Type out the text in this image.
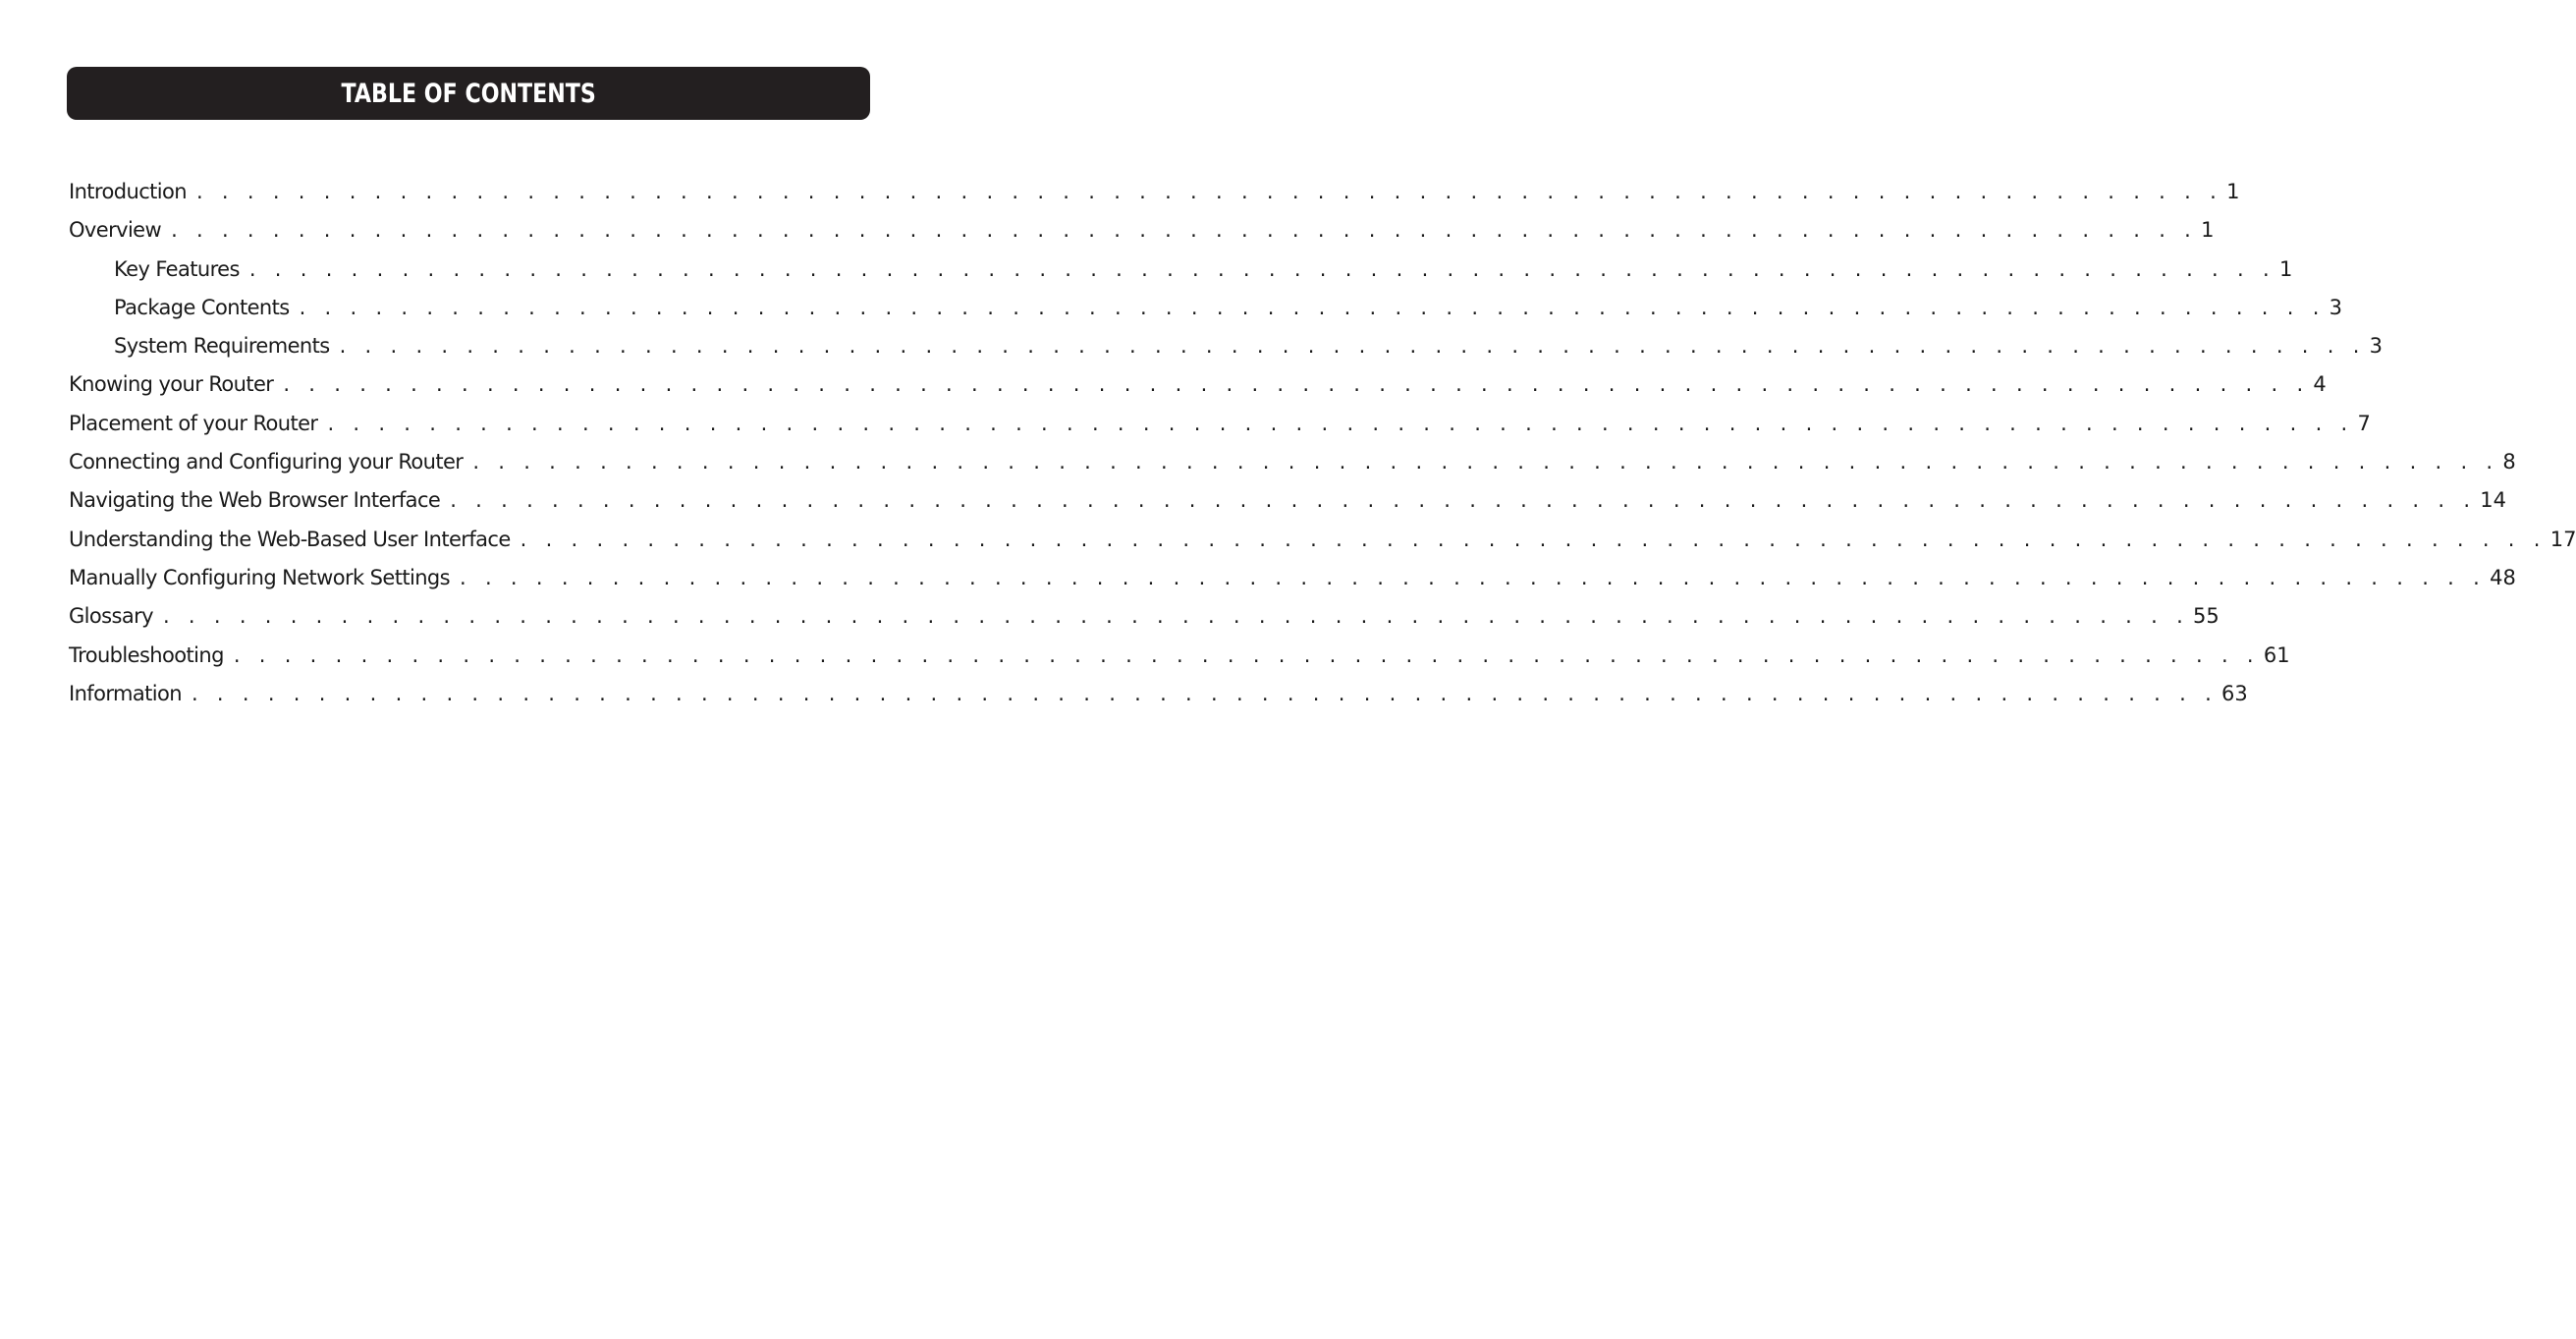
TABLE OF CONTENTS
Introduction . . . . . . . . . . . . . . . . . . . . . . . . . . . . . . . . . . . . . . . . . . . . . . . . . . . . . . . . . . . . . . . . . . . . . . . . . . . . . . . . 1
Overview . . . . . . . . . . . . . . . . . . . . . . . . . . . . . . . . . . . . . . . . . . . . . . . . . . . . . . . . . . . . . . . . . . . . . . . . . . . . . . . . 1
Key Features . . . . . . . . . . . . . . . . . . . . . . . . . . . . . . . . . . . . . . . . . . . . . . . . . . . . . . . . . . . . . . . . . . . . . . . . . . . . . . . . 1
Package Contents . . . . . . . . . . . . . . . . . . . . . . . . . . . . . . . . . . . . . . . . . . . . . . . . . . . . . . . . . . . . . . . . . . . . . . . . . . . . . . . . 3
System Requirements . . . . . . . . . . . . . . . . . . . . . . . . . . . . . . . . . . . . . . . . . . . . . . . . . . . . . . . . . . . . . . . . . . . . . . . . . . . . . . . . 3
Knowing your Router . . . . . . . . . . . . . . . . . . . . . . . . . . . . . . . . . . . . . . . . . . . . . . . . . . . . . . . . . . . . . . . . . . . . . . . . . . . . . . . . 4
Placement of your Router . . . . . . . . . . . . . . . . . . . . . . . . . . . . . . . . . . . . . . . . . . . . . . . . . . . . . . . . . . . . . . . . . . . . . . . . . . . . . . . . 7
Connecting and Configuring your Router . . . . . . . . . . . . . . . . . . . . . . . . . . . . . . . . . . . . . . . . . . . . . . . . . . . . . . . . . . . . . . . . . . . . . . . . . . . . . . . . 8
Navigating the Web Browser Interface . . . . . . . . . . . . . . . . . . . . . . . . . . . . . . . . . . . . . . . . . . . . . . . . . . . . . . . . . . . . . . . . . . . . . . . . . . . . . . . . 14
Understanding the Web-Based User Interface . . . . . . . . . . . . . . . . . . . . . . . . . . . . . . . . . . . . . . . . . . . . . . . . . . . . . . . . . . . . . . . . . . . . . . . . . . . . . . . . 17
Manually Configuring Network Settings . . . . . . . . . . . . . . . . . . . . . . . . . . . . . . . . . . . . . . . . . . . . . . . . . . . . . . . . . . . . . . . . . . . . . . . . . . . . . . . . 48
Glossary . . . . . . . . . . . . . . . . . . . . . . . . . . . . . . . . . . . . . . . . . . . . . . . . . . . . . . . . . . . . . . . . . . . . . . . . . . . . . . . . 55
Troubleshooting . . . . . . . . . . . . . . . . . . . . . . . . . . . . . . . . . . . . . . . . . . . . . . . . . . . . . . . . . . . . . . . . . . . . . . . . . . . . . . . . 61
Information . . . . . . . . . . . . . . . . . . . . . . . . . . . . . . . . . . . . . . . . . . . . . . . . . . . . . . . . . . . . . . . . . . . . . . . . . . . . . . . . 63
